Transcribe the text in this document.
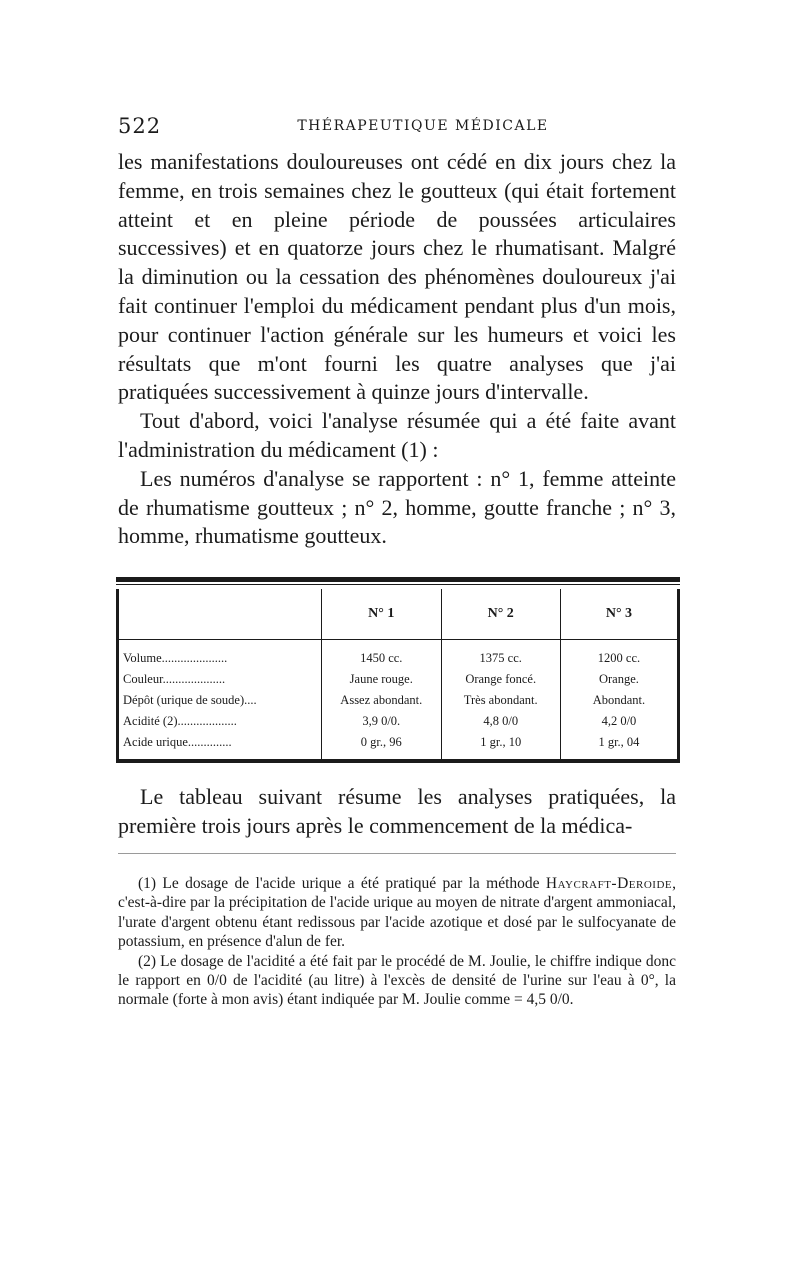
522	THÉRAPEUTIQUE MÉDICALE

les manifestations douloureuses ont cédé en dix jours chez la femme, en trois semaines chez le goutteux (qui était fortement atteint et en pleine période de poussées articulaires successives) et en quatorze jours chez le rhumatisant. Malgré la diminution ou la cessation des phénomènes douloureux j'ai fait continuer l'emploi du médicament pendant plus d'un mois, pour continuer l'action générale sur les humeurs et voici les résultats que m'ont fourni les quatre analyses que j'ai pratiquées successivement à quinze jours d'intervalle.

Tout d'abord, voici l'analyse résumée qui a été faite avant l'administration du médicament (1) :

Les numéros d'analyse se rapportent : n° 1, femme atteinte de rhumatisme goutteux ; n° 2, homme, goutte franche ; n° 3, homme, rhumatisme goutteux.

	N° 1	N° 2	N° 3
Volume.....................	1450 cc.	1375 cc.	1200 cc.
Couleur....................	Jaune rouge.	Orange foncé.	Orange.
Dépôt (urique de soude)....	Assez abondant.	Très abondant.	Abondant.
Acidité (2)...................	3,9 0/0.	4,8 0/0	4,2 0/0
Acide urique..............	0 gr., 96	1 gr., 10	1 gr., 04

Le tableau suivant résume les analyses pratiquées, la première trois jours après le commencement de la médica-

(1) Le dosage de l'acide urique a été pratiqué par la méthode Haycraft-Deroide, c'est-à-dire par la précipitation de l'acide urique au moyen de nitrate d'argent ammoniacal, l'urate d'argent obtenu étant redissous par l'acide azotique et dosé par le sulfocyanate de potassium, en présence d'alun de fer.

(2) Le dosage de l'acidité a été fait par le procédé de M. Joulie, le chiffre indique donc le rapport en 0/0 de l'acidité (au litre) à l'excès de densité de l'urine sur l'eau à 0°, la normale (forte à mon avis) étant indiquée par M. Joulie comme = 4,5 0/0.
